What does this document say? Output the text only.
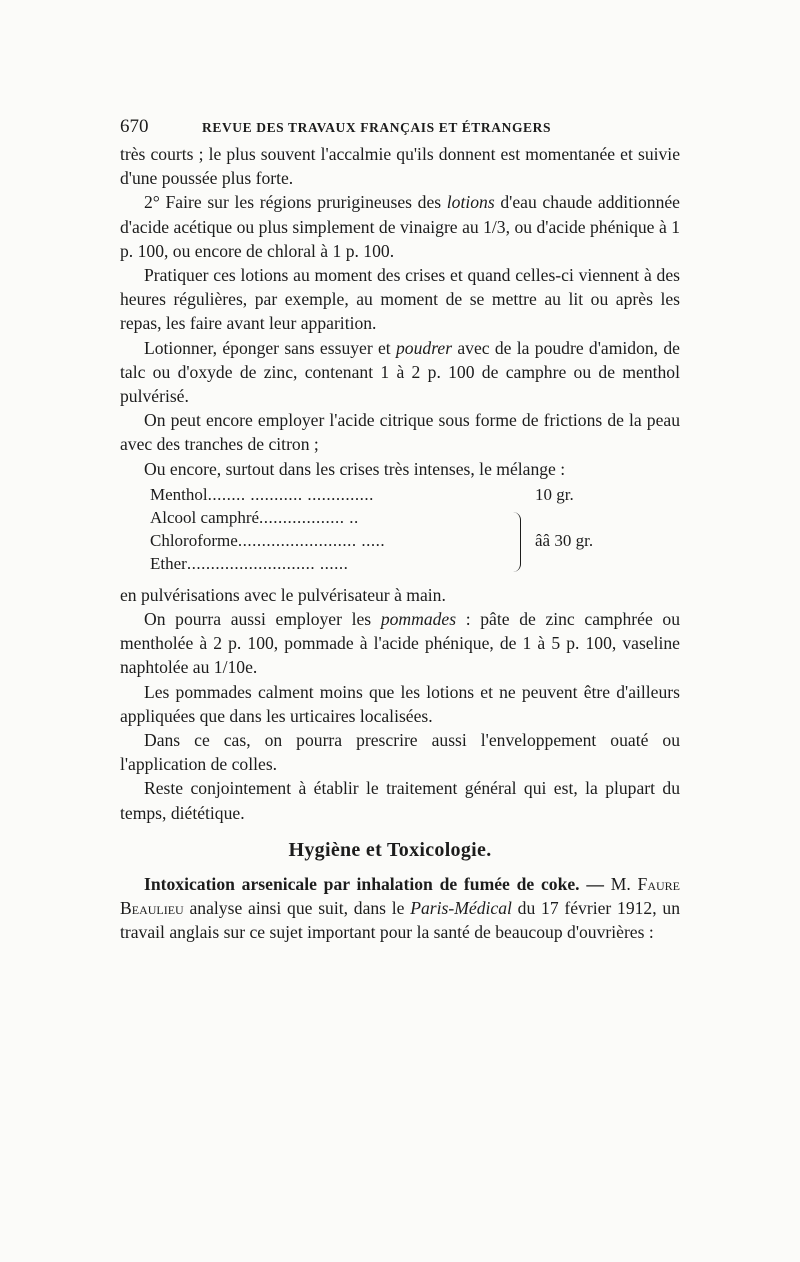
670	REVUE DES TRAVAUX FRANÇAIS ET ÉTRANGERS

très courts ; le plus souvent l'accalmie qu'ils donnent est momentanée et suivie d'une poussée plus forte.

2° Faire sur les régions prurigineuses des lotions d'eau chaude additionnée d'acide acétique ou plus simplement de vinaigre au 1/3, ou d'acide phénique à 1 p. 100, ou encore de chloral à 1 p. 100.

Pratiquer ces lotions au moment des crises et quand celles-ci viennent à des heures régulières, par exemple, au moment de se mettre au lit ou après les repas, les faire avant leur apparition.

Lotionner, éponger sans essuyer et poudrer avec de la poudre d'amidon, de talc ou d'oxyde de zinc, contenant 1 à 2 p. 100 de camphre ou de menthol pulvérisé.

On peut encore employer l'acide citrique sous forme de frictions de la peau avec des tranches de citron ;

Ou encore, surtout dans les crises très intenses, le mélange :

Menthol........ ........... ..............
Alcool camphré.................. ..
Chloroforme......................... .....
Ether........................... ......
10 gr.
ââ 30 gr.

en pulvérisations avec le pulvérisateur à main.

On pourra aussi employer les pommades : pâte de zinc camphrée ou mentholée à 2 p. 100, pommade à l'acide phénique, de 1 à 5 p. 100, vaseline naphtolée au 1/10e.

Les pommades calment moins que les lotions et ne peuvent être d'ailleurs appliquées que dans les urticaires localisées.

Dans ce cas, on pourra prescrire aussi l'enveloppement ouaté ou l'application de colles.

Reste conjointement à établir le traitement général qui est, la plupart du temps, diététique.

Hygiène et Toxicologie.

Intoxication arsenicale par inhalation de fumée de coke. — M. Faure Beaulieu analyse ainsi que suit, dans le Paris-Médical du 17 février 1912, un travail anglais sur ce sujet important pour la santé de beaucoup d'ouvrières :
